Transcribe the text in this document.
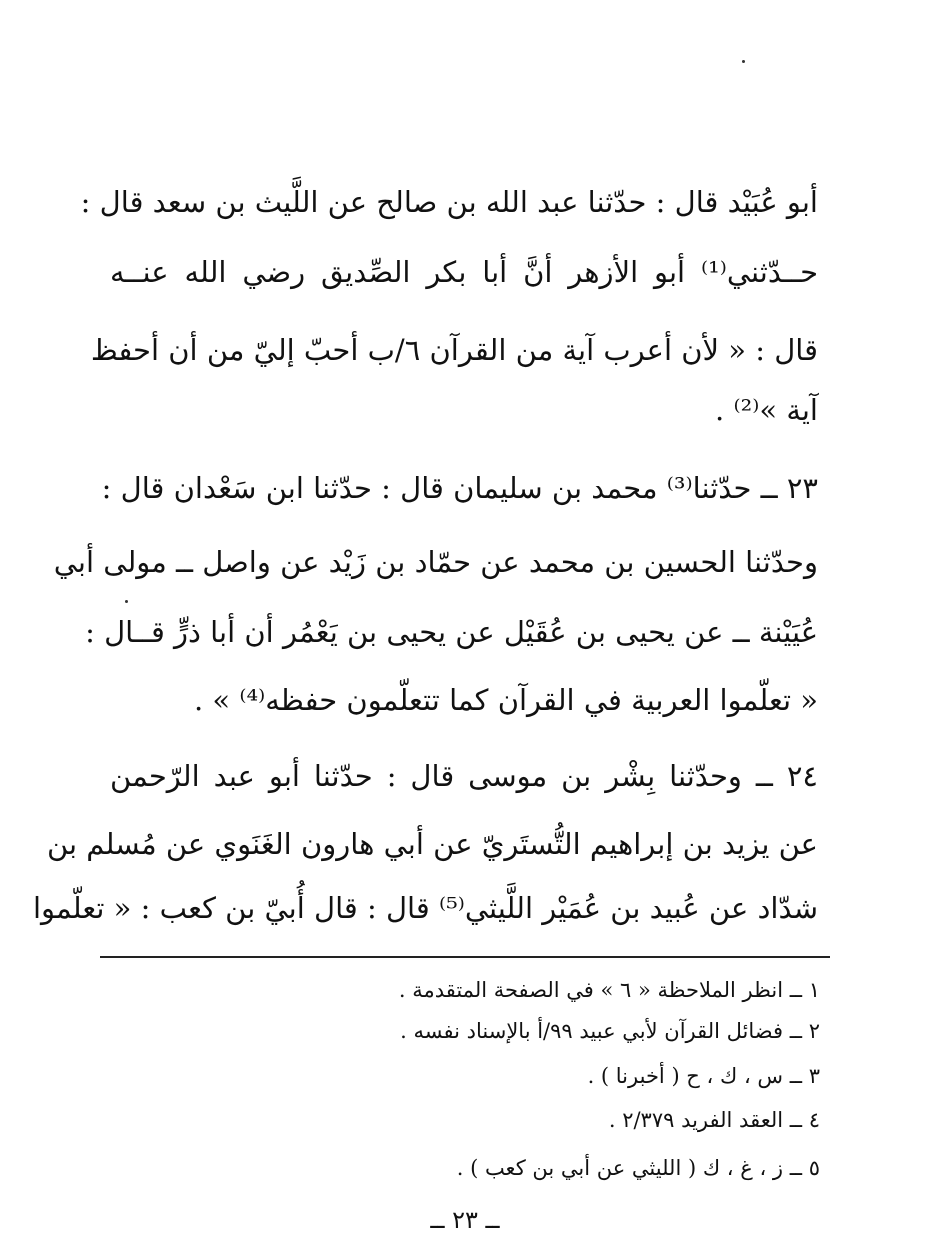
أبو عُبَيْد قال : حدّثنا عبد الله بن صالح عن اللَّيث بن سعد قال :
حــدّثني⁽¹⁾ أبو الأزهر أنَّ أبا بكر الصِّديق رضي الله عنــه
قال : « لأن أعرب آية من القرآن ٦/ب أحبّ إليّ من أن أحفظ
آية »⁽²⁾ .
٢٣ ــ حدّثنا⁽³⁾ محمد بن سليمان قال : حدّثنا ابن سَعْدان قال :
وحدّثنا الحسين بن محمد عن حمّاد بن زَيْد عن واصل ــ مولى أبي
عُيَيْنة ــ عن يحيى بن عُقَيْل عن يحيى بن يَعْمُر أن أبا ذرٍّ قــال :
« تعلّموا العربية في القرآن كما تتعلّمون حفظه⁽⁴⁾ » .
٢٤ ــ وحدّثنا بِشْر بن موسى قال : حدّثنا أبو عبد الرّحمن
عن يزيد بن إبراهيم التُّستَريّ عن أبي هارون الغَنَوي عن مُسلم بن
شدّاد عن عُبيد بن عُمَيْر اللَّيثي⁽⁵⁾ قال : قال أُبيّ بن كعب : « تعلّموا
١ ــ انظر الملاحظة « ٦ » في الصفحة المتقدمة .
٢ ــ فضائل القرآن لأبي عبيد ٩٩/أ بالإسناد نفسه .
٣ ــ س ، ك ، ح ( أخبرنا ) .
٤ ــ العقد الفريد ٢/٣٧٩ .
٥ ــ ز ، غ ، ك ( الليثي عن أبي بن كعب ) .
ــ ٢٣ ــ
